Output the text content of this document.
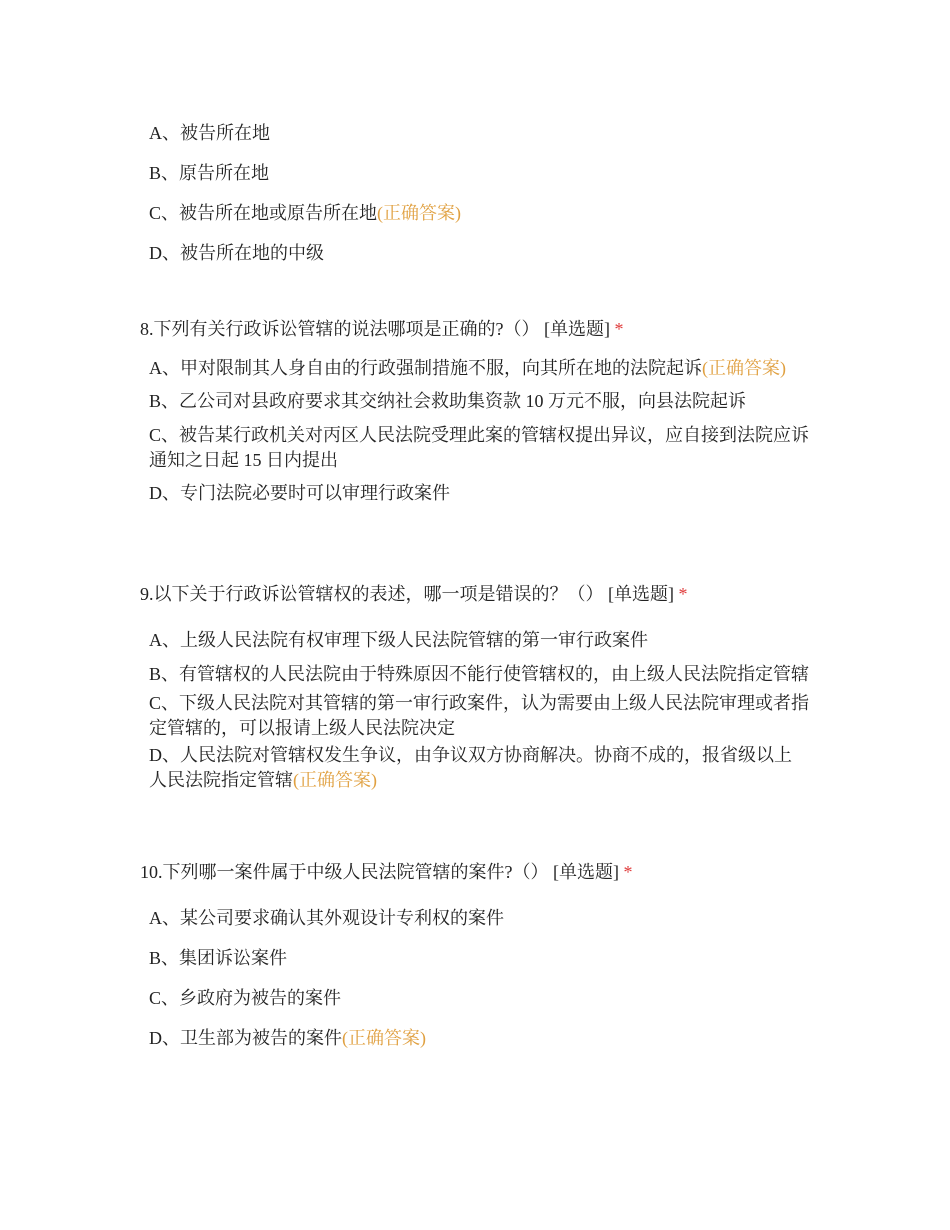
A、被告所在地
B、原告所在地
C、被告所在地或原告所在地(正确答案)
D、被告所在地的中级
8.下列有关行政诉讼管辖的说法哪项是正确的?（） [单选题] *
A、甲对限制其人身自由的行政强制措施不服，向其所在地的法院起诉(正确答案)
B、乙公司对县政府要求其交纳社会救助集资款 10 万元不服，向县法院起诉
C、被告某行政机关对丙区人民法院受理此案的管辖权提出异议，应自接到法院应诉通知之日起 15 日内提出
D、专门法院必要时可以审理行政案件
9.以下关于行政诉讼管辖权的表述，哪一项是错误的？（） [单选题] *
A、上级人民法院有权审理下级人民法院管辖的第一审行政案件
B、有管辖权的人民法院由于特殊原因不能行使管辖权的，由上级人民法院指定管辖
C、下级人民法院对其管辖的第一审行政案件，认为需要由上级人民法院审理或者指定管辖的，可以报请上级人民法院决定
D、人民法院对管辖权发生争议，由争议双方协商解决。协商不成的，报省级以上人民法院指定管辖(正确答案)
10.下列哪一案件属于中级人民法院管辖的案件?（） [单选题] *
A、某公司要求确认其外观设计专利权的案件
B、集团诉讼案件
C、乡政府为被告的案件
D、卫生部为被告的案件(正确答案)
